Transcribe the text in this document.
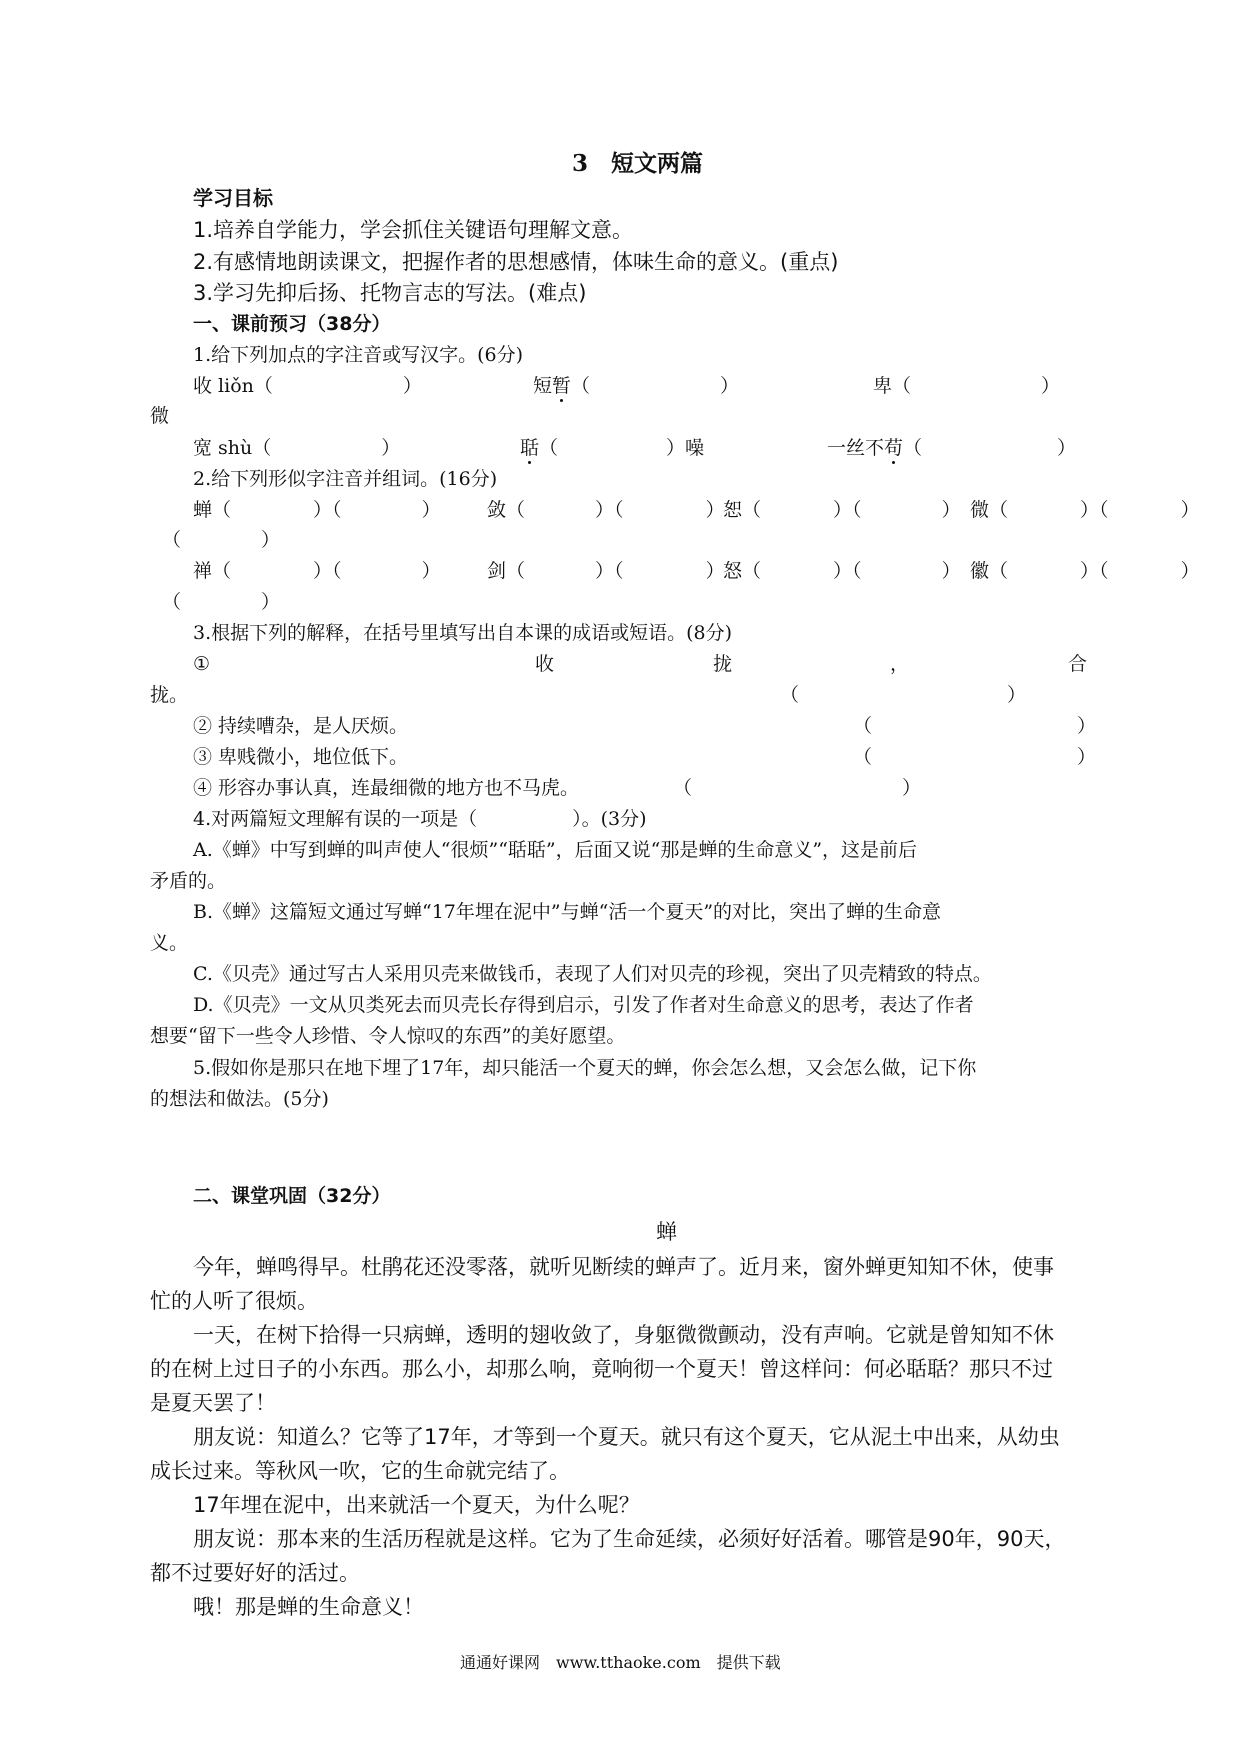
3　短文两篇
学习目标
1.培养自学能力，学会抓住关键语句理解文意。
2.有感情地朗读课文，把握作者的思想感情，体味生命的意义。(重点)
3.学习先抑后扬、托物言志的写法。(难点)
一、课前预习（38分）
1.给下列加点的字注音或写汉字。(6分)
收 liǒn（	）	短暂（	）	卑（	）
微
宽 shù（	）	聒（	）噪	一丝不苟（	）
2.给下列形似字注音并组词。(16分)
蝉（	）（	） 敛（	）（	）
恕（	）（	） 微（	）（	）
（	）
禅（	）（	） 剑（	）（	）
怒（	）（	） 徽（	）（	）
（	）
3.根据下列的解释，在括号里填写出自本课的成语或短语。(8分)
①	收	拢	，	合
拢。	（	）
② 持续嘈杂，是人厌烦。	（	）
③ 卑贱微小，地位低下。	（	）
④ 形容办事认真，连最细微的地方也不马虎。	（	）
4.对两篇短文理解有误的一项是（　　　　　）。(3分)
A.《蝉》中写到蝉的叫声使人“很烦”“聒聒”，后面又说“那是蝉的生命意义”，这是前后
矛盾的。
B.《蝉》这篇短文通过写蝉“17年埋在泥中”与蝉“活一个夏天”的对比，突出了蝉的生命意
义。
C.《贝壳》通过写古人采用贝壳来做钱币，表现了人们对贝壳的珍视，突出了贝壳精致的特点。
D.《贝壳》一文从贝类死去而贝壳长存得到启示，引发了作者对生命意义的思考，表达了作者
想要“留下一些令人珍惜、令人惊叹的东西”的美好愿望。
5.假如你是那只在地下埋了17年，却只能活一个夏天的蝉，你会怎么想，又会怎么做，记下你
的想法和做法。(5分)
二、课堂巩固（32分）
蝉
今年，蝉鸣得早。杜鹃花还没零落，就听见断续的蝉声了。近月来，窗外蝉更知知不休，使事
忙的人听了很烦。
一天，在树下拾得一只病蝉，透明的翅收敛了，身躯微微颤动，没有声响。它就是曾知知不休
的在树上过日子的小东西。那么小，却那么响，竟响彻一个夏天！曾这样问：何必聒聒？那只不过
是夏天罢了！
朋友说：知道么？它等了17年，才等到一个夏天。就只有这个夏天，它从泥土中出来，从幼虫
成长过来。等秋风一吹，它的生命就完结了。
17年埋在泥中，出来就活一个夏天，为什么呢？
朋友说：那本来的生活历程就是这样。它为了生命延续，必须好好活着。哪管是90年，90天，
都不过要好好的活过。
哦！那是蝉的生命意义！
通通好课网　www.tthaoke.com　提供下载
